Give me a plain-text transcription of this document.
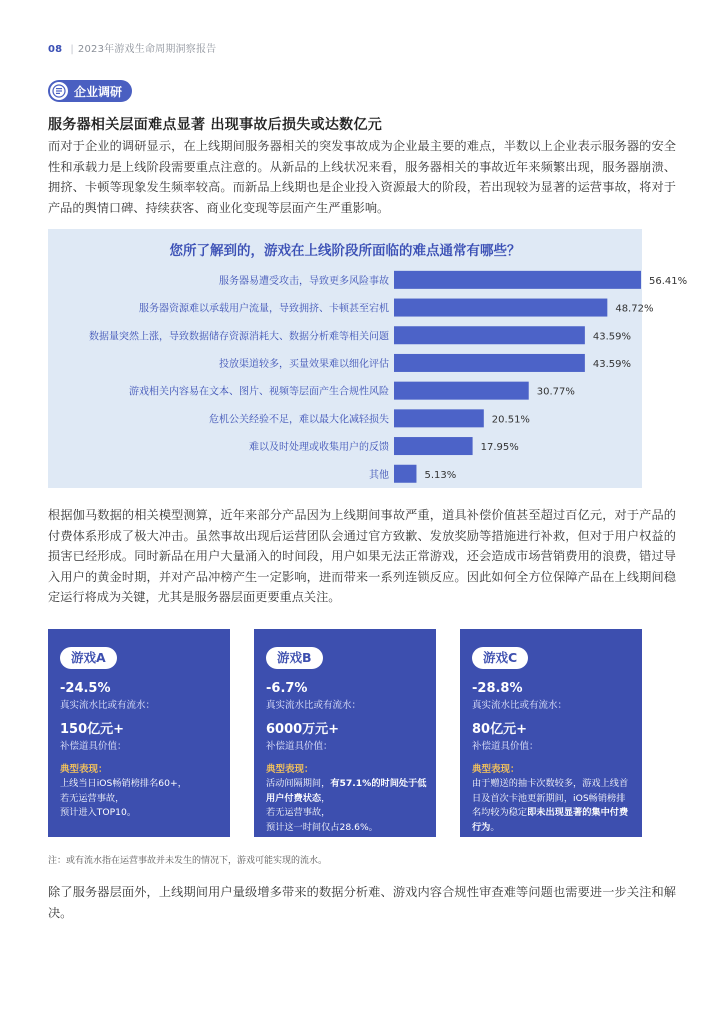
08 | 2023年游戏生命周期洞察报告
企业调研
服务器相关层面难点显著 出现事故后损失或达数亿元
而对于企业的调研显示，在上线期间服务器相关的突发事故成为企业最主要的难点，半数以上企业表示服务器的安全性和承载力是上线阶段需要重点注意的。从新品的上线状况来看，服务器相关的事故近年来频繁出现，服务器崩溃、拥挤、卡顿等现象发生频率较高。而新品上线期也是企业投入资源最大的阶段，若出现较为显著的运营事故，将对于产品的舆情口碑、持续获客、商业化变现等层面产生严重影响。
您所了解到的，游戏在上线阶段所面临的难点通常有哪些？
服务器易遭受攻击，导致更多风险事故	56.41%
服务器资源难以承载用户流量，导致拥挤、卡顿甚至宕机	48.72%
数据量突然上涨，导致数据储存资源消耗大、数据分析难等相关问题	43.59%
投放渠道较多，买量效果难以细化评估	43.59%
游戏相关内容易在文本、图片、视频等层面产生合规性风险	30.77%
危机公关经验不足，难以最大化减轻损失	20.51%
难以及时处理或收集用户的反馈	17.95%
其他	5.13%
根据伽马数据的相关模型测算，近年来部分产品因为上线期间事故严重，道具补偿价值甚至超过百亿元，对于产品的付费体系形成了极大冲击。虽然事故出现后运营团队会通过官方致歉、发放奖励等措施进行补救，但对于用户权益的损害已经形成。同时新品在用户大量涌入的时间段，用户如果无法正常游戏，还会造成市场营销费用的浪费，错过导入用户的黄金时期，并对产品冲榜产生一定影响，进而带来一系列连锁反应。因此如何全方位保障产品在上线期间稳定运行将成为关键，尤其是服务器层面更要重点关注。
游戏A
-24.5%
真实流水比或有流水：
150亿元+
补偿道具价值：
典型表现：
上线当日iOS畅销榜排名60+，
若无运营事故，
预计进入TOP10。
游戏B
-6.7%
真实流水比或有流水：
6000万元+
补偿道具价值：
典型表现：
活动间隔期间，有57.1%的时间处于低用户付费状态，
若无运营事故，
预计这一时间仅占28.6%。
游戏C
-28.8%
真实流水比或有流水：
80亿元+
补偿道具价值：
典型表现：
由于赠送的抽卡次数较多，游戏上线首日及首次卡池更新期间，iOS畅销榜排名均较为稳定即未出现显著的集中付费行为。
注：或有流水指在运营事故并未发生的情况下，游戏可能实现的流水。
除了服务器层面外，上线期间用户量级增多带来的数据分析难、游戏内容合规性审查难等问题也需要进一步关注和解决。
